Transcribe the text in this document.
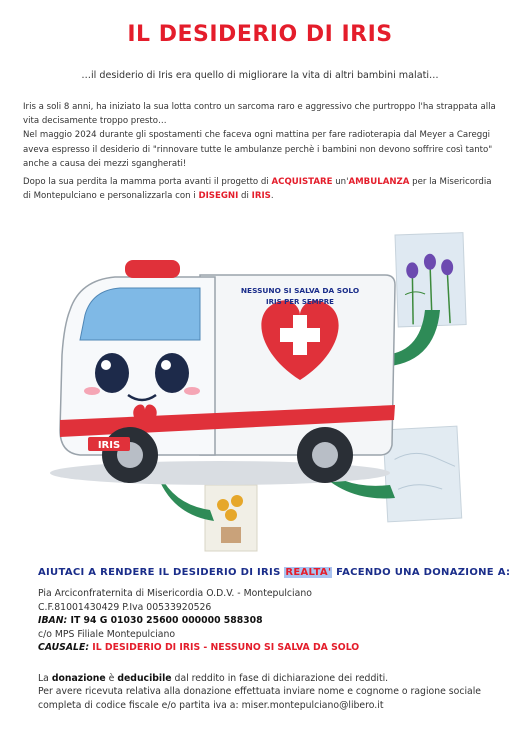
IL DESIDERIO DI IRIS
…il desiderio di Iris era quello di migliorare la vita di altri bambini malati…

Iris a soli 8 anni, ha iniziato la sua lotta contro un sarcoma raro e aggressivo che purtroppo l'ha strappata alla vita decisamente troppo presto…

Nel maggio 2024 durante gli spostamenti che faceva ogni mattina per fare radioterapia dal Meyer a Careggi aveva espresso il desiderio di "rinnovare tutte le ambulanze perchè i bambini non devono soffrire così tanto" anche a causa dei mezzi sgangherati!

Dopo la sua perdita la mamma porta avanti il progetto di ACQUISTARE un'AMBULANZA per la Misericordia di Montepulciano e personalizzarla con i DISEGNI di IRIS.

IRIS
NESSUNO SI SALVA DA SOLO
IRIS PER SEMPRE
AIUTACI A RENDERE IL DESIDERIO DI IRIS REALTA' FACENDO UNA DONAZIONE A:
Pia Arciconfraternita di Misericordia O.D.V. - Montepulciano
C.F.81001430429 P.Iva 00533920526
IBAN: IT 94 G 01030 25600 000000 588308
c/o MPS Filiale Montepulciano
CAUSALE: IL DESIDERIO DI IRIS - NESSUNO SI SALVA DA SOLO
La donazione è deducibile dal reddito in fase di dichiarazione dei redditi.
Per avere ricevuta relativa alla donazione effettuata inviare nome e cognome o ragione sociale
completa di codice fiscale e/o partita iva a: miser.montepulciano@libero.it
